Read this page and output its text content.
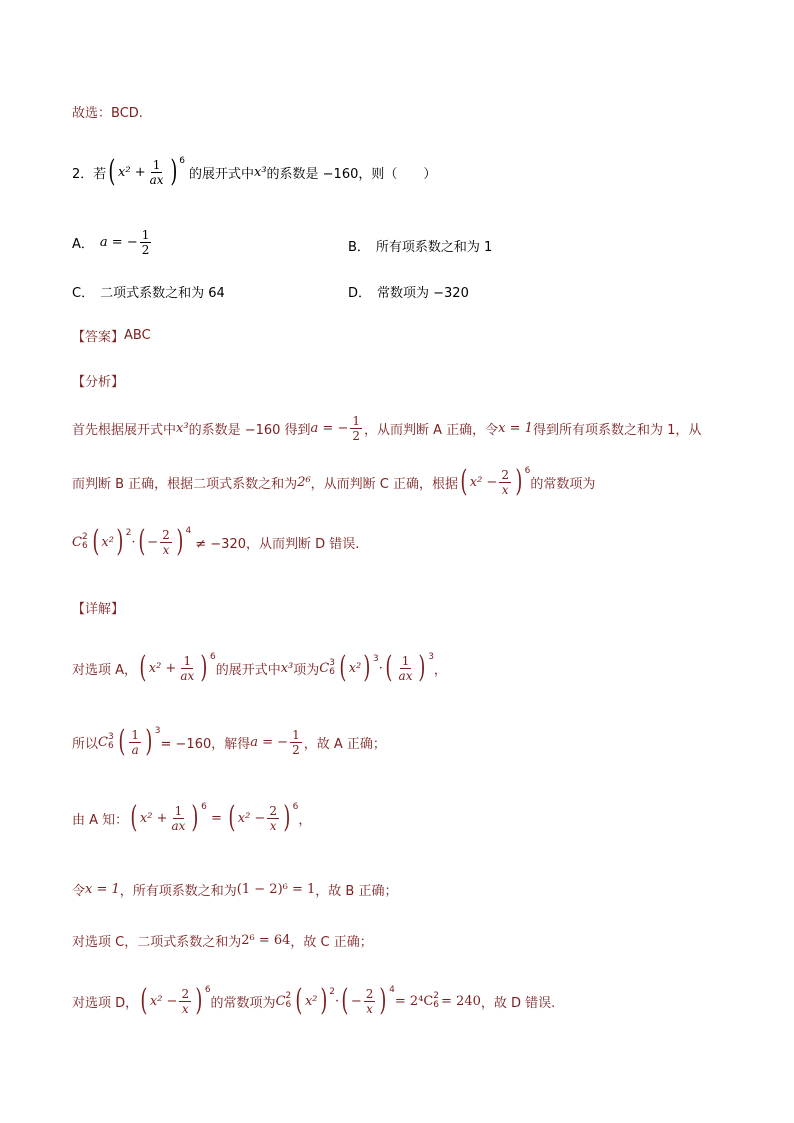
故选：BCD.
2． 若 ( $x^2 + \frac{1}{ax}$ ) 6
的展开式中 x³ 的系数是 −160，则（　　）
A． a = − $\frac{1}{2}$	B． 所有项系数之和为 1
C． 二项式系数之和为 64	D． 常数项为 −320
【答案】 ABC
【分析】
首先根据展开式中 x³ 的系数是 −160 得到 a = − $\frac{1}{2}$ ，从而判断 A 正确，令 x = 1 得到所有项系数之和为 1，从
而判断 B 正确，根据二项式系数之和为 2⁶ ，从而判断 C 正确，根据 ( $x^2 - \frac{2}{x}$ ) 6
的常数项为
C 2
6 ( x² ) 2
· ( − $\frac{2}{x}$ ) 4
≠ −320，从而判断 D 错误.
【详解】
对选项 A， ( $x^2 + \frac{1}{ax}$ ) 6
的展开式中 x³ 项为 C 3
6 ( x² ) 3
· ( $\frac{1}{ax}$ ) 3
，
所以 C 3
6 ( $\frac{1}{a}$ ) 3
= −160，解得 a = − $\frac{1}{2}$ ，故 A 正确；
由 A 知： ( $x^2 + \frac{1}{ax}$ ) 6
= ( $x^2 - \frac{2}{x}$ ) 6
，
令 x = 1 ，所有项系数之和为 (1 − 2)⁶ = 1 ，故 B 正确；
对选项 C，二项式系数之和为 2⁶ = 64 ，故 C 正确；
对选项 D， ( $x^2 - \frac{2}{x}$ ) 6
的常数项为 C 2
6 ( x² ) 2
· ( − $\frac{2}{x}$ ) 4
= 2⁴C 2
6 = 240 ，故 D 错误.
